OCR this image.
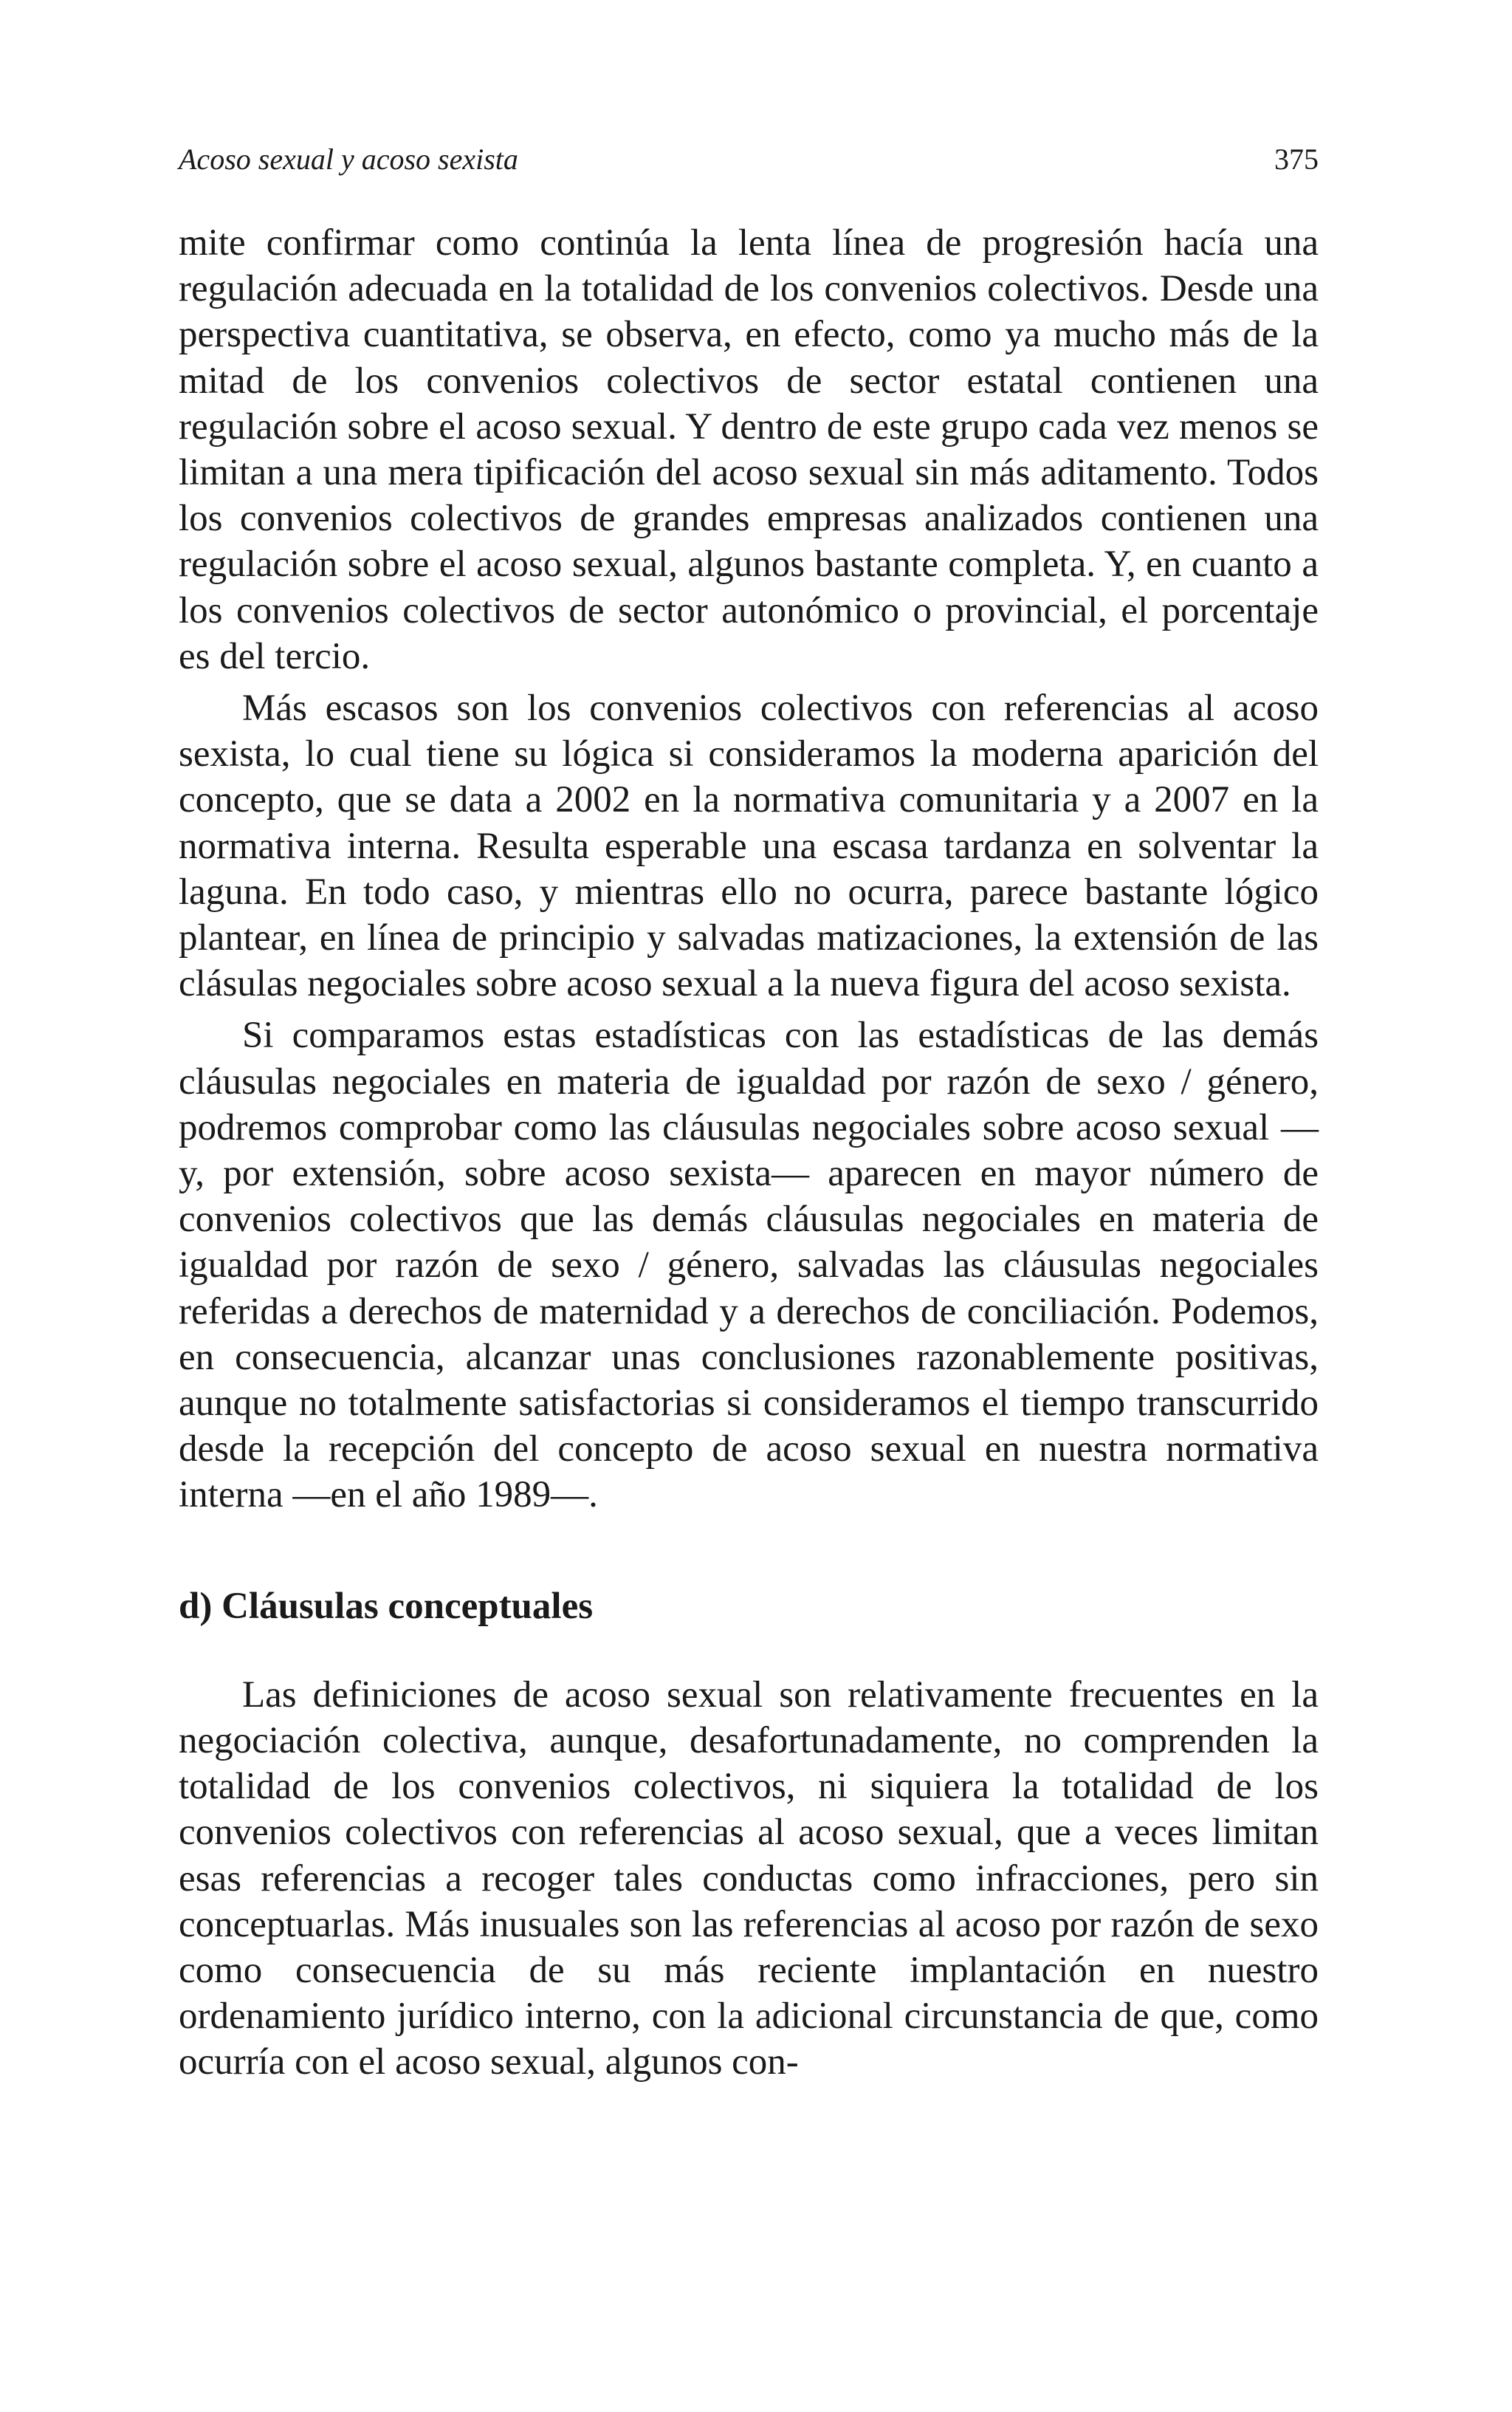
Acoso sexual y acoso sexista	375

mite confirmar como continúa la lenta línea de progresión hacía una regulación adecuada en la totalidad de los convenios colectivos. Desde una perspectiva cuantitativa, se observa, en efecto, como ya mucho más de la mitad de los convenios colectivos de sector estatal contienen una regulación sobre el acoso sexual. Y dentro de este grupo cada vez menos se limitan a una mera tipificación del acoso sexual sin más aditamento. Todos los convenios colectivos de grandes empresas analizados contienen una regulación sobre el acoso sexual, algunos bastante completa. Y, en cuanto a los convenios colectivos de sector autonómico o provincial, el porcentaje es del tercio.

Más escasos son los convenios colectivos con referencias al acoso sexista, lo cual tiene su lógica si consideramos la moderna aparición del concepto, que se data a 2002 en la normativa comunitaria y a 2007 en la normativa interna. Resulta esperable una escasa tardanza en solventar la laguna. En todo caso, y mientras ello no ocurra, parece bastante lógico plantear, en línea de principio y salvadas matizaciones, la extensión de las clásulas negociales sobre acoso sexual a la nueva figura del acoso sexista.

Si comparamos estas estadísticas con las estadísticas de las demás cláusulas negociales en materia de igualdad por razón de sexo / género, podremos comprobar como las cláusulas negociales sobre acoso sexual —y, por extensión, sobre acoso sexista— aparecen en mayor número de convenios colectivos que las demás cláusulas negociales en materia de igualdad por razón de sexo / género, salvadas las cláusulas negociales referidas a derechos de maternidad y a derechos de conciliación. Podemos, en consecuencia, alcanzar unas conclusiones razonablemente positivas, aunque no totalmente satisfactorias si consideramos el tiempo transcurrido desde la recepción del concepto de acoso sexual en nuestra normativa interna —en el año 1989—.

d) Cláusulas conceptuales

Las definiciones de acoso sexual son relativamente frecuentes en la negociación colectiva, aunque, desafortunadamente, no comprenden la totalidad de los convenios colectivos, ni siquiera la totalidad de los convenios colectivos con referencias al acoso sexual, que a veces limitan esas referencias a recoger tales conductas como infracciones, pero sin conceptuarlas. Más inusuales son las referencias al acoso por razón de sexo como consecuencia de su más reciente implantación en nuestro ordenamiento jurídico interno, con la adicional circunstancia de que, como ocurría con el acoso sexual, algunos con-
